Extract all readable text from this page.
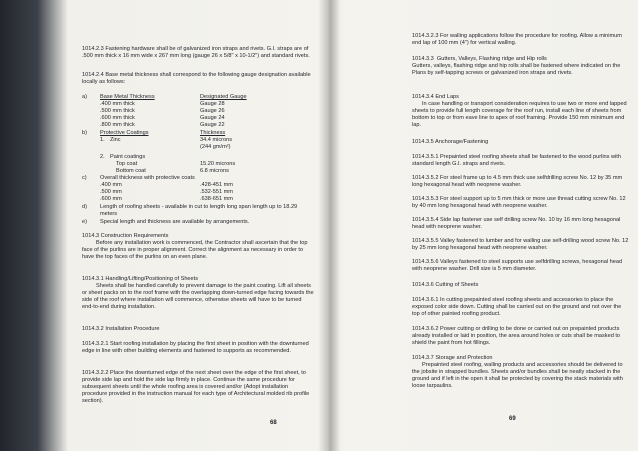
1014.2.3 Fastening hardware shall be of galvanized iron straps and rivets. G.I. straps are of .500 mm thick x 16 mm wide x 267 mm long (gauge 26 x 5/8" x 10-1/2") and standard rivets.
1014.2.4 Base metal thickness shall correspond to the following gauge designation available locally as follows:
a) Base Metal Thickness	Designated Gauge
.400 mm thick	Gauge 28
.500 mm thick	Gauge 26
.600 mm thick	Gauge 24
.800 mm thick	Gauge 22
b) Protective Coatings	Thickness
1. Zinc	34.4 microns
(244 gm/m²)
2. Paint coatings
Top coat	15.20 microns
Bottom coat	6.8 microns
c) Overall thickness with protective coats
.400 mm	.428-451 mm
.500 mm	.532-551 mm
.600 mm	.638-651 mm
d) Length of roofing sheets - available in cut to length long span length up to 18.29 meters
e) Special length and thickness are available by arrangements.
1014.3 Construction Requirements
Before any installation work is commenced, the Contractor shall ascertain that the top face of the purlins are in proper alignment. Correct the alignment as necessary in order to have the top faces of the purlins on an even plane.
1014.3.1 Handling/Lifting/Positioning of Sheets
Sheets shall be handled carefully to prevent damage to the paint coating. Lift all sheets or sheet packs on to the roof frame with the overlapping down-turned edge facing towards the side of the roof where installation will commence, otherwise sheets will have to be turned end-to-end during installation.
1014.3.2 Installation Procedure
1014.3.2.1 Start roofing installation by placing the first sheet in position with the downturned edge in line with other building elements and fastened to supports as recommended.
1014.3.2.2 Place the downturned edge of the next sheet over the edge of the first sheet, to provide side lap and hold the side lap firmly in place. Continue the same procedure for subsequent sheets until the whole roofing area is covered and/or (Adopt installation procedure provided in the instruction manual for each type of Architectural molded rib profile section).
68
1014.3.2.3 For walling applications follow the procedure for roofing. Allow a minimum end lap of 100 mm (4") for vertical walling.
1014.3.3  Gutters, Valleys, Flashing ridge and Hip rolls
Gutters, valleys, flashing ridge and hip rolls shall be fastened where indicated on the Plans by self-tapping screws or galvanized iron straps and rivets.
1014.3.4 End Laps
In case handling or transport consideration requires to use two or more end lapped sheets to provide full length coverage for the roof run, install each line of sheets from bottom to top or from eave line to apex of roof framing. Provide 150 mm minimum end lap.
1014.3.5 Anchorage/Fastening
1014.3.5.1 Prepainted steel roofing sheets shall be fastened to the wood purlins with standard length G.I. straps and rivets.
1014.3.5.2 For steel frame up to 4.5 mm thick use selfdrilling screw No. 12 by 35 mm long hexagonal head with neoprene washer.
1014.3.5.3 For steel support up to 5 mm thick or more use thread cutting screw No. 12 by 40 mm long hexagonal head with neoprene washer.
1014.3.5.4 Side lap fastener use self drilling screw No. 10 by 16 mm long hexagonal head with neoprene washer.
1014.3.5.5 Valley fastened to lumber and for walling use self-drilling wood screw No. 12 by 25 mm long hexagonal head with neoprene washer.
1014.3.5.6 Valleys fastened to steel supports use selfdrilling screws, hexagonal head with neoprene washer. Drill size is 5 mm diameter.
1014.3.6 Cutting of Sheets
1014.3.6.1 In cutting prepainted steel roofing sheets and accessories to place the exposed color side down. Cutting shall be carried out on the ground and not over the top of other painted roofing product.
1014.3.6.2 Power cutting or drilling to be done or carried out on prepainted products already installed or laid in position, the area around holes or cuts shall be masked to shield the paint from hot fillings.
1014.3.7 Storage and Protection
Prepainted steel roofing, walling products and accessories should be delivered to the jobsite in strapped bundles. Sheets and/or bundles shall be neatly stacked in the ground and if left in the open it shall be protected by covering the stack materials with loose tarpaulins.
69
